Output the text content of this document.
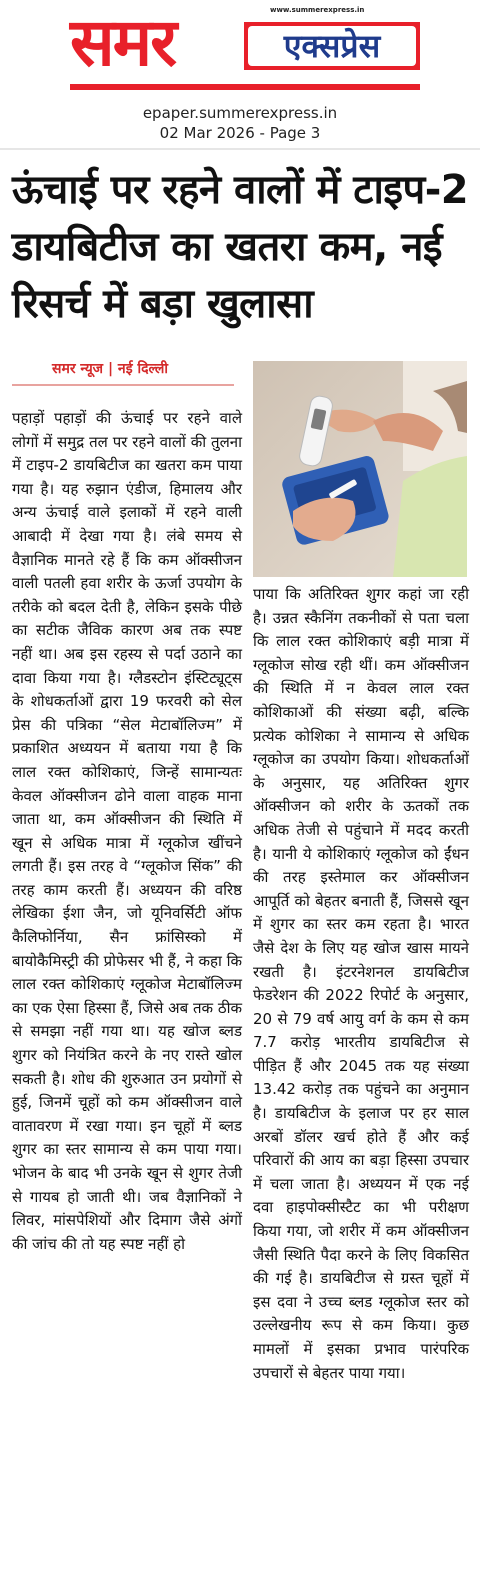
www.summerexpress.in
समर	एक्सप्रेस
epaper.summerexpress.in
02 Mar 2026 - Page 3
ऊंचाई पर रहने वालों में टाइप-2 डायबिटीज का खतरा कम, नई रिसर्च में बड़ा खुलासा
समर न्यूज | नई दिल्ली

पहाड़ों पहाड़ों की ऊंचाई पर रहने वाले लोगों में समुद्र तल पर रहने वालों की तुलना में टाइप-2 डायबिटीज का खतरा कम पाया गया है। यह रुझान एंडीज, हिमालय और अन्य ऊंचाई वाले इलाकों में रहने वाली आबादी में देखा गया है। लंबे समय से वैज्ञानिक मानते रहे हैं कि कम ऑक्सीजन वाली पतली हवा शरीर के ऊर्जा उपयोग के तरीके को बदल देती है, लेकिन इसके पीछे का सटीक जैविक कारण अब तक स्पष्ट नहीं था। अब इस रहस्य से पर्दा उठाने का दावा किया गया है। ग्लैडस्टोन इंस्टिट्यूट्स के शोधकर्ताओं द्वारा 19 फरवरी को सेल प्रेस की पत्रिका “सेल मेटाबॉलिज्म” में प्रकाशित अध्ययन में बताया गया है कि लाल रक्त कोशिकाएं, जिन्हें सामान्यतः केवल ऑक्सीजन ढोने वाला वाहक माना जाता था, कम ऑक्सीजन की स्थिति में खून से अधिक मात्रा में ग्लूकोज खींचने लगती हैं। इस तरह वे “ग्लूकोज सिंक” की तरह काम करती हैं। अध्ययन की वरिष्ठ लेखिका ईशा जैन, जो यूनिवर्सिटी ऑफ कैलिफोर्निया, सैन फ्रांसिस्को में बायोकैमिस्ट्री की प्रोफेसर भी हैं, ने कहा कि लाल रक्त कोशिकाएं ग्लूकोज मेटाबॉलिज्म का एक ऐसा हिस्सा हैं, जिसे अब तक ठीक से समझा नहीं गया था। यह खोज ब्लड शुगर को नियंत्रित करने के नए रास्ते खोल सकती है। शोध की शुरुआत उन प्रयोगों से हुई, जिनमें चूहों को कम ऑक्सीजन वाले वातावरण में रखा गया। इन चूहों में ब्लड शुगर का स्तर सामान्य से कम पाया गया। भोजन के बाद भी उनके खून से शुगर तेजी से गायब हो जाती थी। जब वैज्ञानिकों ने लिवर, मांसपेशियों और दिमाग जैसे अंगों की जांच की तो यह स्पष्ट नहीं हो

पाया कि अतिरिक्त शुगर कहां जा रही है। उन्नत स्कैनिंग तकनीकों से पता चला कि लाल रक्त कोशिकाएं बड़ी मात्रा में ग्लूकोज सोख रही थीं। कम ऑक्सीजन की स्थिति में न केवल लाल रक्त कोशिकाओं की संख्या बढ़ी, बल्कि प्रत्येक कोशिका ने सामान्य से अधिक ग्लूकोज का उपयोग किया। शोधकर्ताओं के अनुसार, यह अतिरिक्त शुगर ऑक्सीजन को शरीर के ऊतकों तक अधिक तेजी से पहुंचाने में मदद करती है। यानी ये कोशिकाएं ग्लूकोज को ईंधन की तरह इस्तेमाल कर ऑक्सीजन आपूर्ति को बेहतर बनाती हैं, जिससे खून में शुगर का स्तर कम रहता है। भारत जैसे देश के लिए यह खोज खास मायने रखती है। इंटरनेशनल डायबिटीज फेडरेशन की 2022 रिपोर्ट के अनुसार, 20 से 79 वर्ष आयु वर्ग के कम से कम 7.7 करोड़ भारतीय डायबिटीज से पीड़ित हैं और 2045 तक यह संख्या 13.42 करोड़ तक पहुंचने का अनुमान है। डायबिटीज के इलाज पर हर साल अरबों डॉलर खर्च होते हैं और कई परिवारों की आय का बड़ा हिस्सा उपचार में चला जाता है। अध्ययन में एक नई दवा हाइपोक्सीस्टैट का भी परीक्षण किया गया, जो शरीर में कम ऑक्सीजन जैसी स्थिति पैदा करने के लिए विकसित की गई है। डायबिटीज से ग्रस्त चूहों में इस दवा ने उच्च ब्लड ग्लूकोज स्तर को उल्लेखनीय रूप से कम किया। कुछ मामलों में इसका प्रभाव पारंपरिक उपचारों से बेहतर पाया गया।
